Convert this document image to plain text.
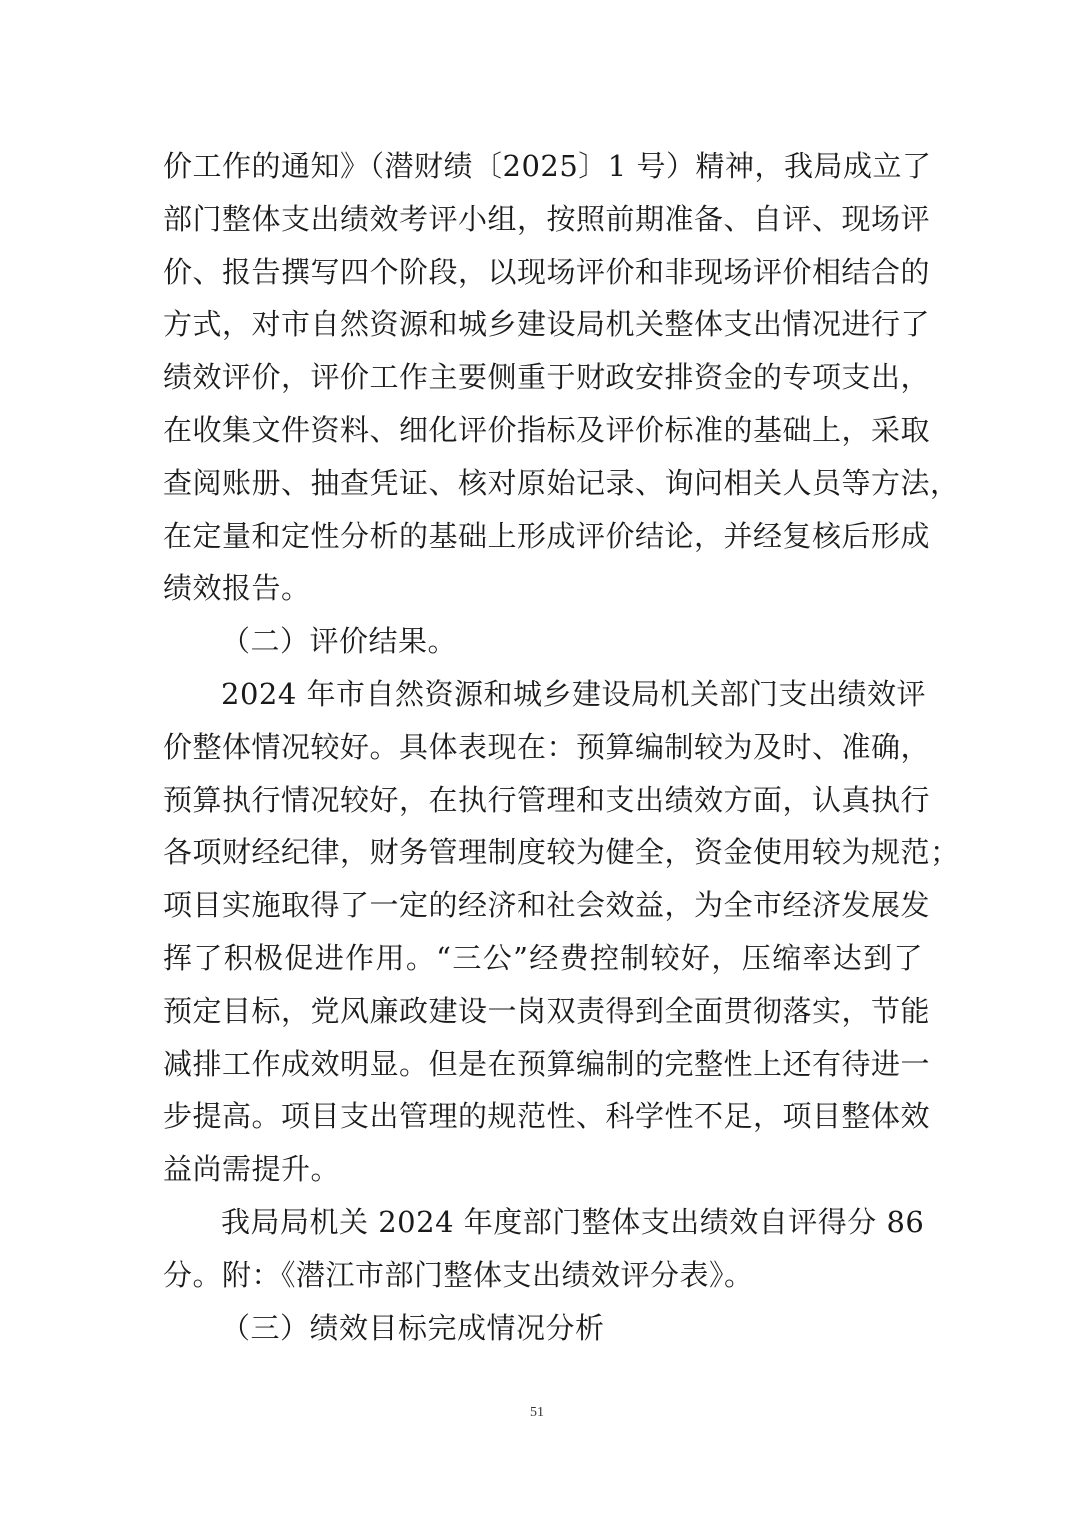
价工作的通知》（潜财绩〔2025〕1 号）精神，我局成立了
部门整体支出绩效考评小组，按照前期准备、自评、现场评
价、报告撰写四个阶段，以现场评价和非现场评价相结合的
方式，对市自然资源和城乡建设局机关整体支出情况进行了
绩效评价，评价工作主要侧重于财政安排资金的专项支出，
在收集文件资料、细化评价指标及评价标准的基础上，采取
查阅账册、抽查凭证、核对原始记录、询问相关人员等方法，
在定量和定性分析的基础上形成评价结论，并经复核后形成
绩效报告。
（二）评价结果。
2024 年市自然资源和城乡建设局机关部门支出绩效评
价整体情况较好。具体表现在：预算编制较为及时、准确，
预算执行情况较好，在执行管理和支出绩效方面，认真执行
各项财经纪律，财务管理制度较为健全，资金使用较为规范；
项目实施取得了一定的经济和社会效益，为全市经济发展发
挥了积极促进作用。“三公”经费控制较好，压缩率达到了
预定目标，党风廉政建设一岗双责得到全面贯彻落实，节能
减排工作成效明显。但是在预算编制的完整性上还有待进一
步提高。项目支出管理的规范性、科学性不足，项目整体效
益尚需提升。
我局局机关 2024 年度部门整体支出绩效自评得分 86
分。附：《潜江市部门整体支出绩效评分表》。
（三）绩效目标完成情况分析
51
